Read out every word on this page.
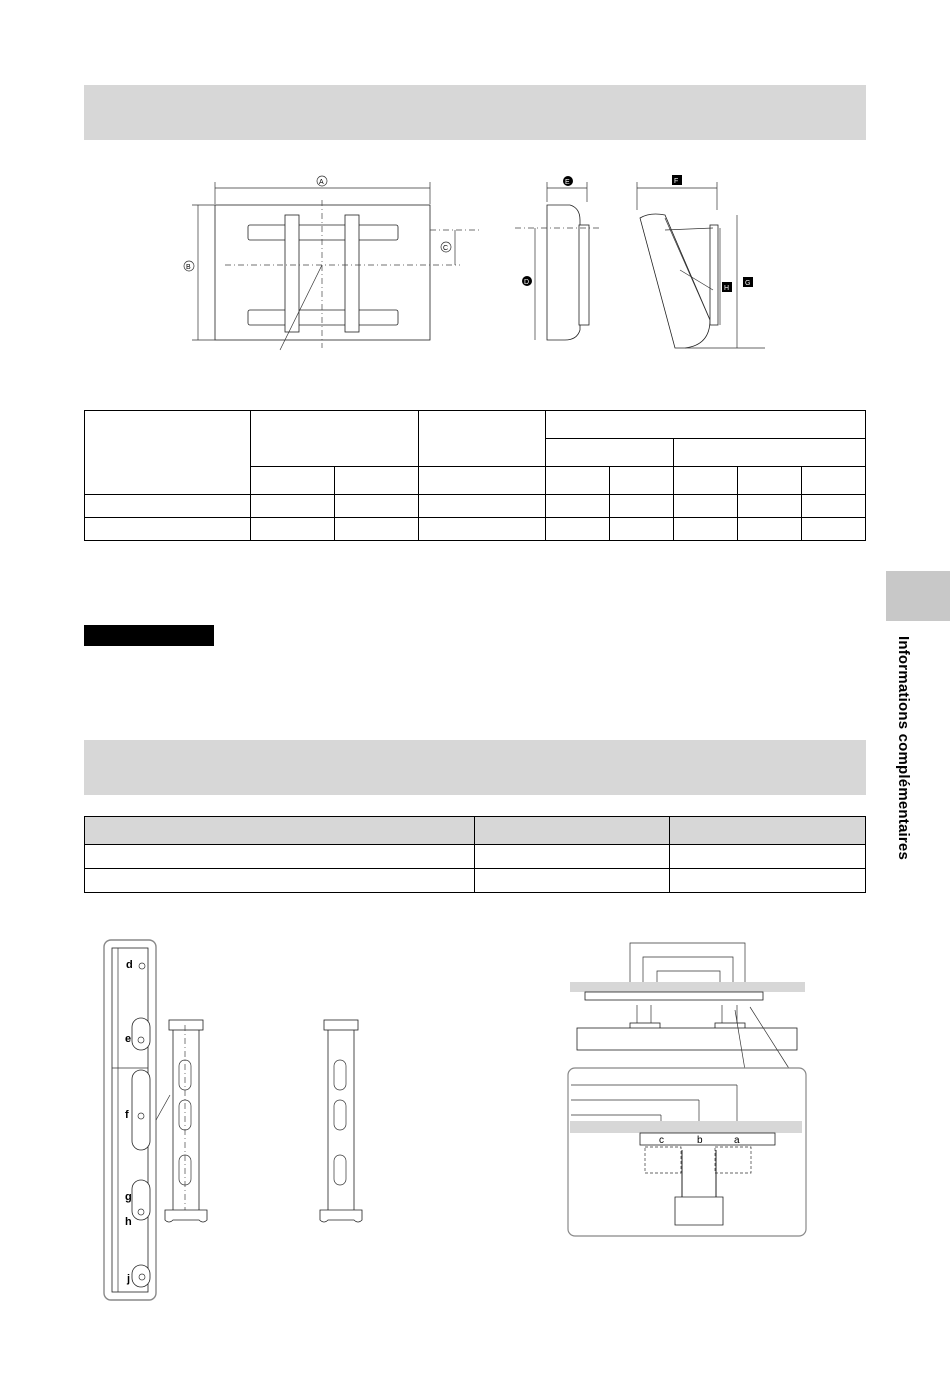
Informations complémentaires
A
B
C
E
D
F
G
H

d
e
f
g
h
j
c	b	a
